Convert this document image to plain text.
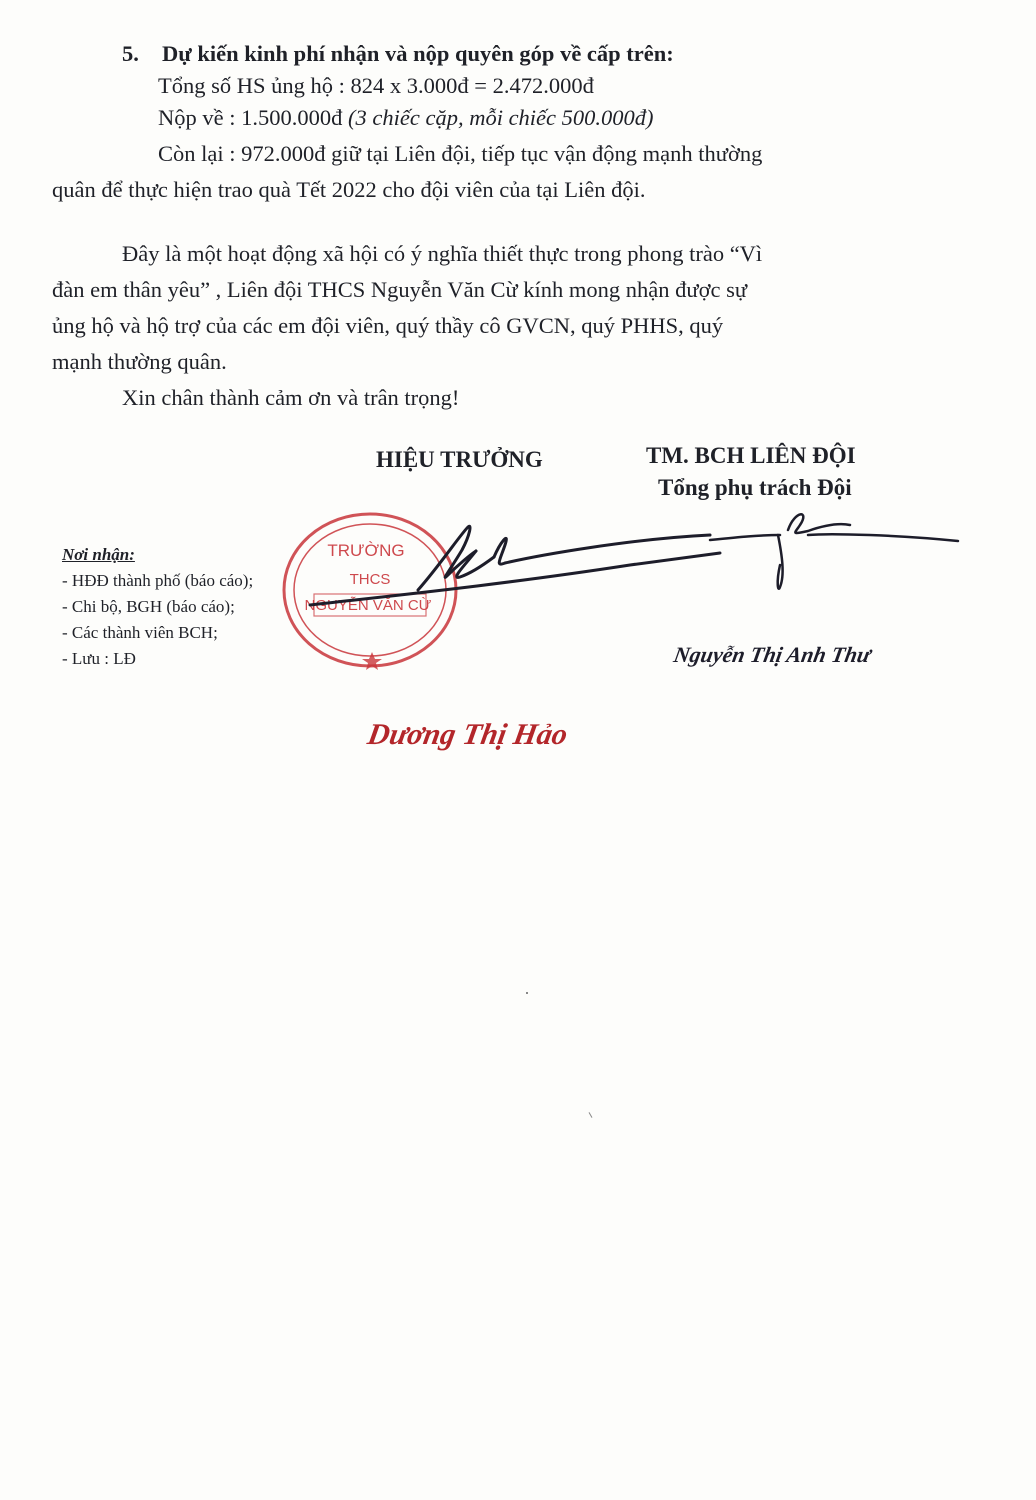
5. Dự kiến kinh phí nhận và nộp quyên góp về cấp trên:
Tổng số HS ủng hộ : 824 x 3.000đ = 2.472.000đ
Nộp về : 1.500.000đ (3 chiếc cặp, mỗi chiếc 500.000đ)
Còn lại : 972.000đ giữ tại Liên đội, tiếp tục vận động mạnh thường
quân để thực hiện trao quà Tết 2022 cho đội viên của tại Liên đội.
Đây là một hoạt động xã hội có ý nghĩa thiết thực trong phong trào “Vì
đàn em thân yêu” , Liên đội THCS Nguyễn Văn Cừ kính mong nhận được sự
ủng hộ và hộ trợ của các em đội viên, quý thầy cô GVCN, quý PHHS, quý
mạnh thường quân.
Xin chân thành cảm ơn và trân trọng!
HIỆU TRƯỞNG	TM. BCH LIÊN ĐỘI
Tổng phụ trách Đội
Nơi nhận:
- HĐĐ thành phố (báo cáo);
- Chi bộ, BGH (báo cáo);
- Các thành viên BCH;
- Lưu : LĐ
TRƯỜNG
THCS
NGUYỄN VĂN CỪ
Nguyễn Thị Anh Thư
Dương Thị Hảo
